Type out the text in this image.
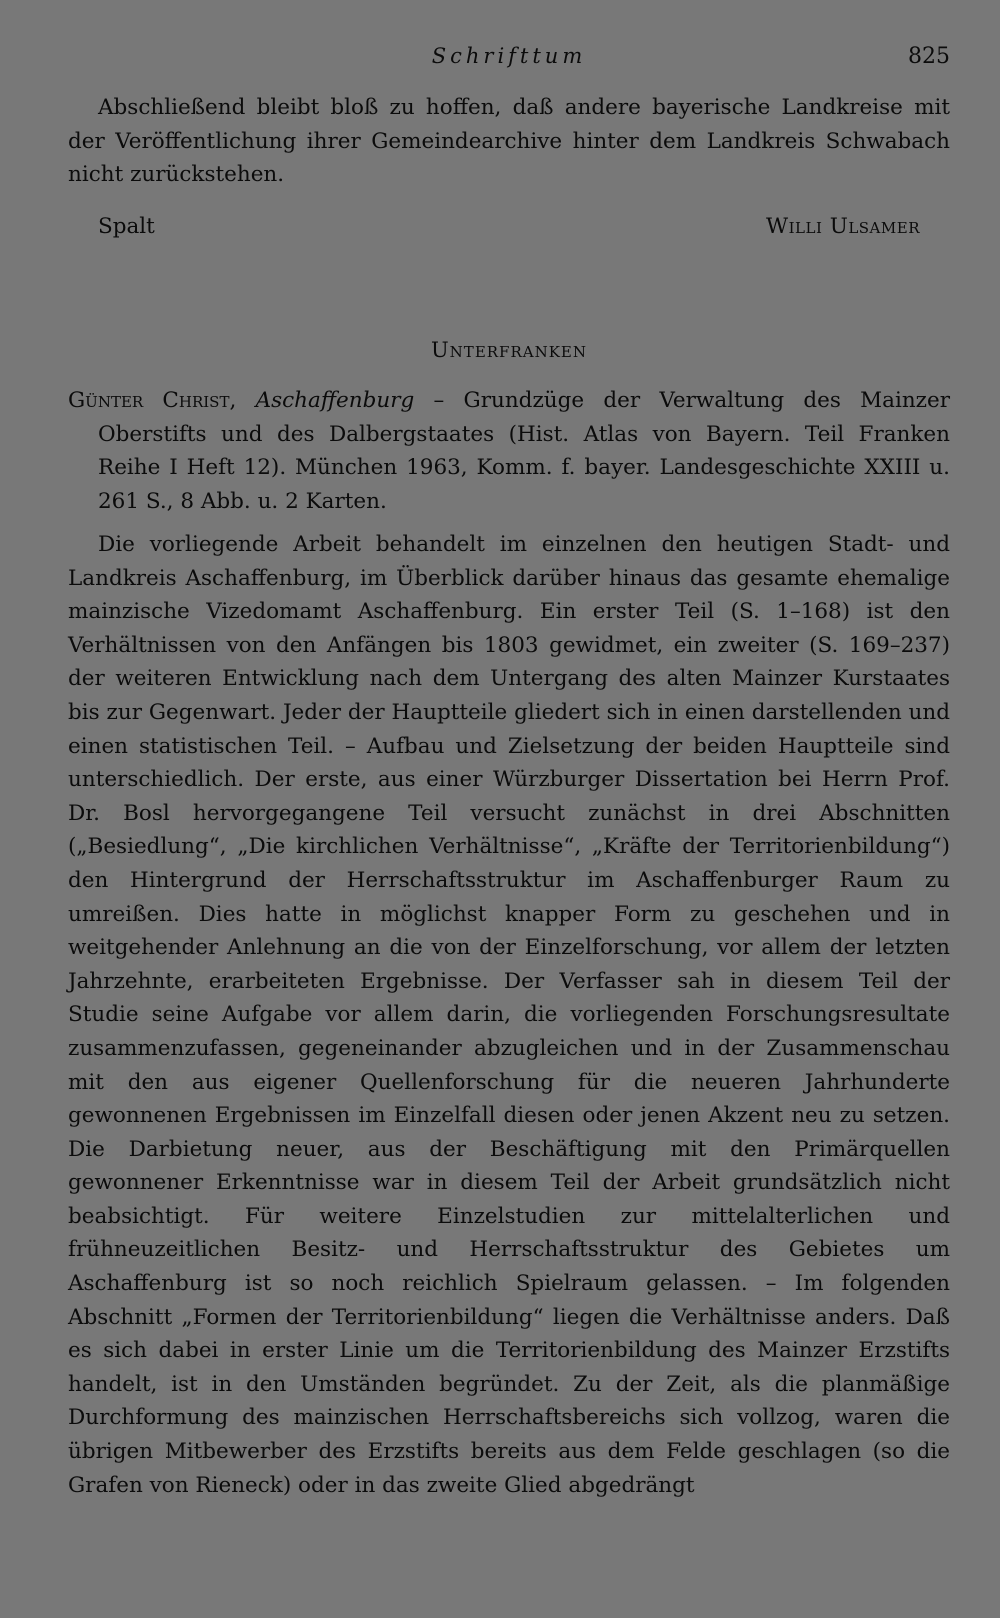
Schrifttum	825

Abschließend bleibt bloß zu hoffen, daß andere bayerische Landkreise mit der Veröffentlichung ihrer Gemeindearchive hinter dem Landkreis Schwabach nicht zurückstehen.

Spalt	Willi Ulsamer
Unterfranken
Günter Christ, Aschaffenburg – Grundzüge der Verwaltung des Mainzer Oberstifts und des Dalbergstaates (Hist. Atlas von Bayern. Teil Franken Reihe I Heft 12). München 1963, Komm. f. bayer. Landesgeschichte XXIII u. 261 S., 8 Abb. u. 2 Karten.

Die vorliegende Arbeit behandelt im einzelnen den heutigen Stadt- und Landkreis Aschaffenburg, im Überblick darüber hinaus das gesamte ehemalige mainzische Vizedomamt Aschaffenburg. Ein erster Teil (S. 1–168) ist den Verhältnissen von den Anfängen bis 1803 gewidmet, ein zweiter (S. 169–237) der weiteren Entwicklung nach dem Untergang des alten Mainzer Kurstaates bis zur Gegenwart. Jeder der Hauptteile gliedert sich in einen darstellenden und einen statistischen Teil. – Aufbau und Zielsetzung der beiden Hauptteile sind unterschiedlich. Der erste, aus einer Würzburger Dissertation bei Herrn Prof. Dr. Bosl hervorgegangene Teil versucht zunächst in drei Abschnitten („Besiedlung“, „Die kirchlichen Verhältnisse“, „Kräfte der Territorienbildung“) den Hintergrund der Herrschaftsstruktur im Aschaffenburger Raum zu umreißen. Dies hatte in möglichst knapper Form zu geschehen und in weitgehender Anlehnung an die von der Einzelforschung, vor allem der letzten Jahrzehnte, erarbeiteten Ergebnisse. Der Verfasser sah in diesem Teil der Studie seine Aufgabe vor allem darin, die vorliegenden Forschungsresultate zusammenzufassen, gegeneinander abzugleichen und in der Zusammenschau mit den aus eigener Quellenforschung für die neueren Jahrhunderte gewonnenen Ergebnissen im Einzelfall diesen oder jenen Akzent neu zu setzen. Die Darbietung neuer, aus der Beschäftigung mit den Primärquellen gewonnener Erkenntnisse war in diesem Teil der Arbeit grundsätzlich nicht beabsichtigt. Für weitere Einzelstudien zur mittelalterlichen und frühneuzeitlichen Besitz- und Herrschaftsstruktur des Gebietes um Aschaffenburg ist so noch reichlich Spielraum gelassen. – Im folgenden Abschnitt „Formen der Territorienbildung“ liegen die Verhältnisse anders. Daß es sich dabei in erster Linie um die Territorienbildung des Mainzer Erzstifts handelt, ist in den Umständen begründet. Zu der Zeit, als die planmäßige Durchformung des mainzischen Herrschaftsbereichs sich vollzog, waren die übrigen Mitbewerber des Erzstifts bereits aus dem Felde geschlagen (so die Grafen von Rieneck) oder in das zweite Glied abgedrängt
